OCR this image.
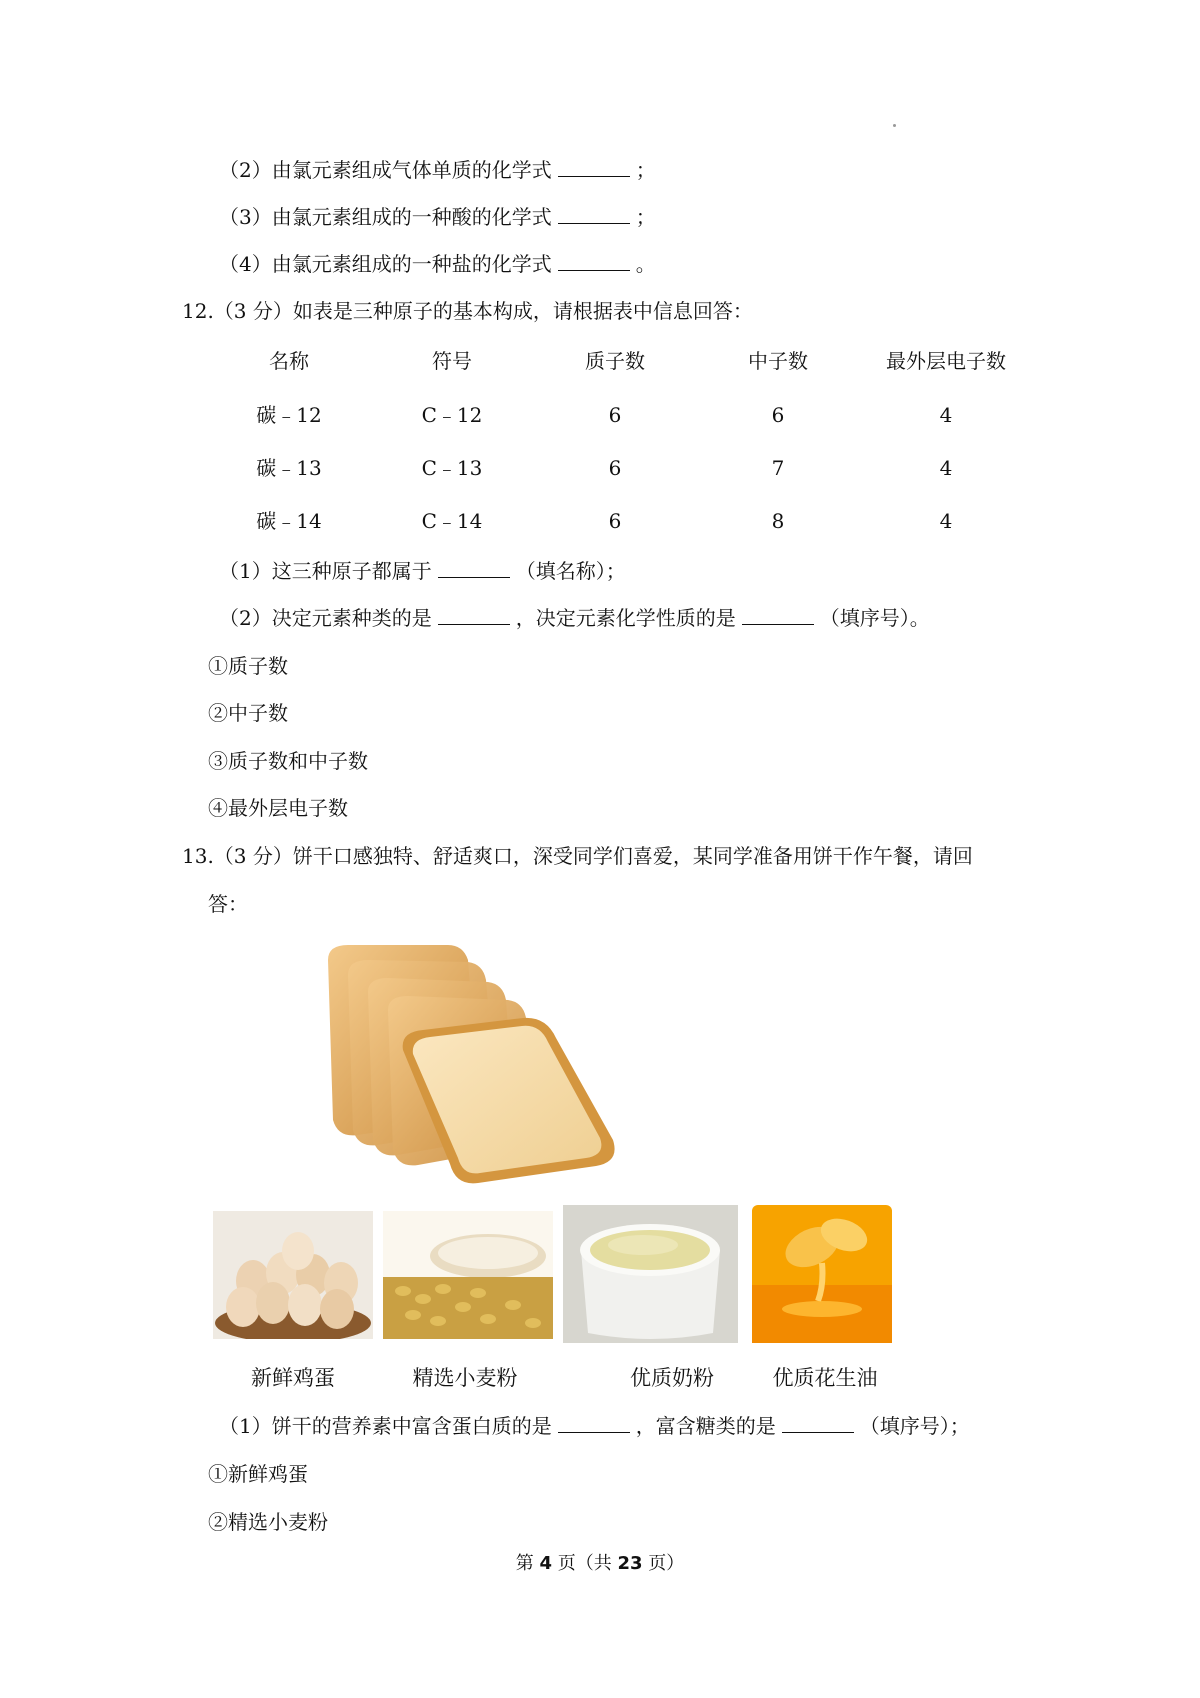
（2）由氯元素组成气体单质的化学式	；
（3）由氯元素组成的一种酸的化学式	；
（4）由氯元素组成的一种盐的化学式	。
12.（3 分）如表是三种原子的基本构成，请根据表中信息回答：
名称	符号	质子数	中子数	最外层电子数
碳﹣12	C﹣12	6	6	4
碳﹣13	C﹣13	6	7	4
碳﹣14	C﹣14	6	8	4
（1）这三种原子都属于	（填名称）；
（2）决定元素种类的是	，决定元素化学性质的是	（填序号）。
①质子数
②中子数
③质子数和中子数
④最外层电子数
13.（3 分）饼干口感独特、舒适爽口，深受同学们喜爱，某同学准备用饼干作午餐，请回
答：
新鲜鸡蛋	精选小麦粉	优质奶粉	优质花生油
（1）饼干的营养素中富含蛋白质的是	，富含糖类的是	（填序号）；
①新鲜鸡蛋
②精选小麦粉
第 4 页（共 23 页）
